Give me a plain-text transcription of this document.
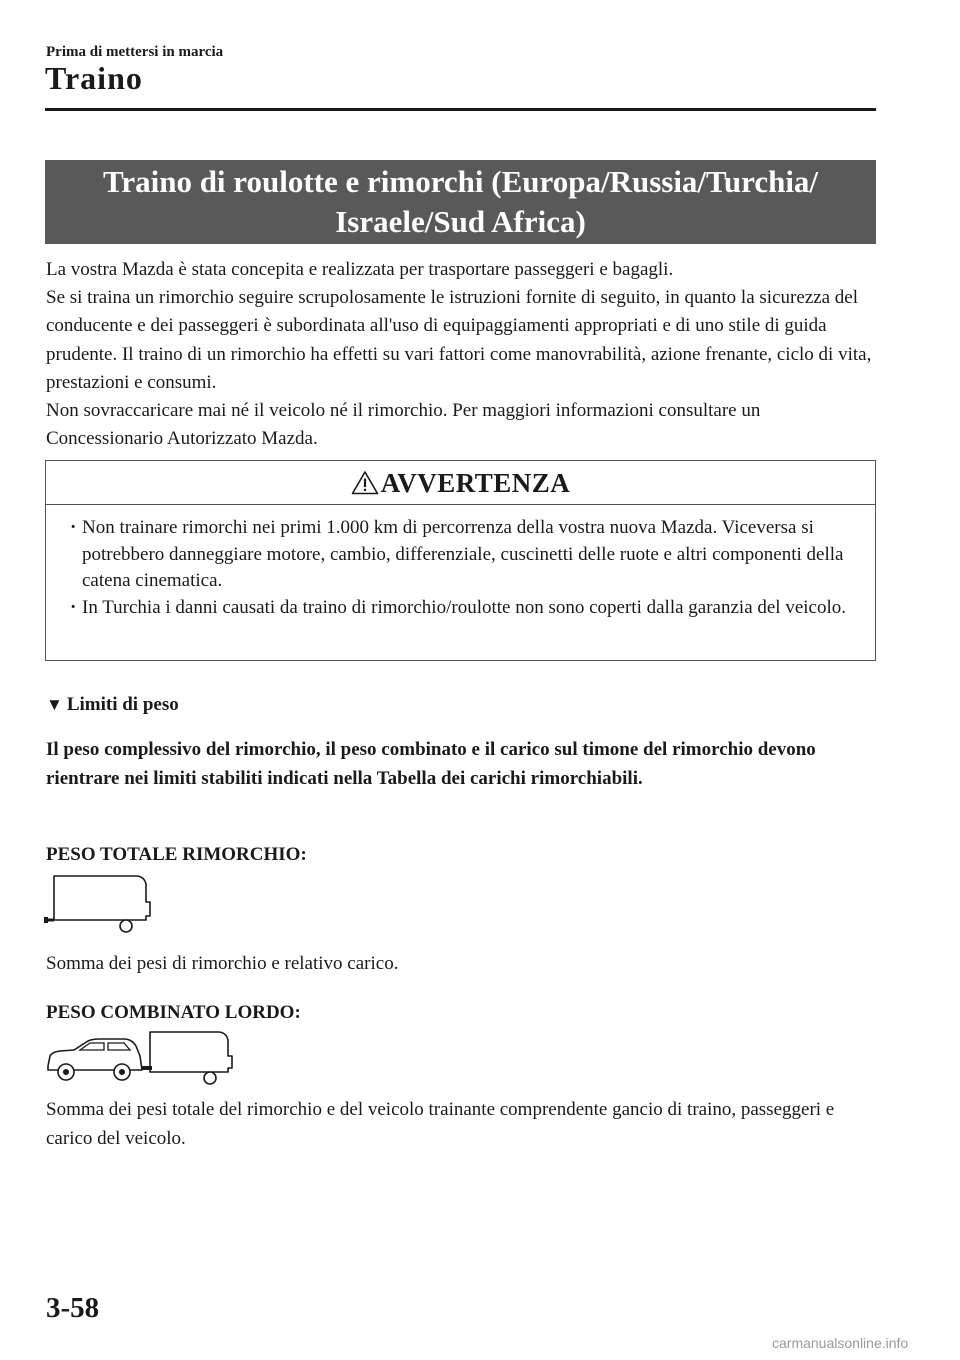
Prima di mettersi in marcia
Traino
Traino di roulotte e rimorchi (Europa/Russia/Turchia/
Israele/Sud Africa)

La vostra Mazda è stata concepita e realizzata per trasportare passeggeri e bagagli.

Se si traina un rimorchio seguire scrupolosamente le istruzioni fornite di seguito, in quanto la sicurezza del conducente e dei passeggeri è subordinata all'uso di equipaggiamenti appropriati e di uno stile di guida prudente. Il traino di un rimorchio ha effetti su vari fattori come manovrabilità, azione frenante, ciclo di vita, prestazioni e consumi.

Non sovraccaricare mai né il veicolo né il rimorchio. Per maggiori informazioni consultare un Concessionario Autorizzato Mazda.

AVVERTENZA
· Non trainare rimorchi nei primi 1.000 km di percorrenza della vostra nuova Mazda. Viceversa si potrebbero danneggiare motore, cambio, differenziale, cuscinetti delle ruote e altri componenti della catena cinematica.
· In Turchia i danni causati da traino di rimorchio/roulotte non sono coperti dalla garanzia del veicolo.
▼ Limiti di peso
Il peso complessivo del rimorchio, il peso combinato e il carico sul timone del rimorchio devono rientrare nei limiti stabiliti indicati nella Tabella dei carichi rimorchiabili.
PESO TOTALE RIMORCHIO:
Somma dei pesi di rimorchio e relativo carico.
PESO COMBINATO LORDO:
Somma dei pesi totale del rimorchio e del veicolo trainante comprendente gancio di traino, passeggeri e carico del veicolo.
3-58
carmanualsonline.info
